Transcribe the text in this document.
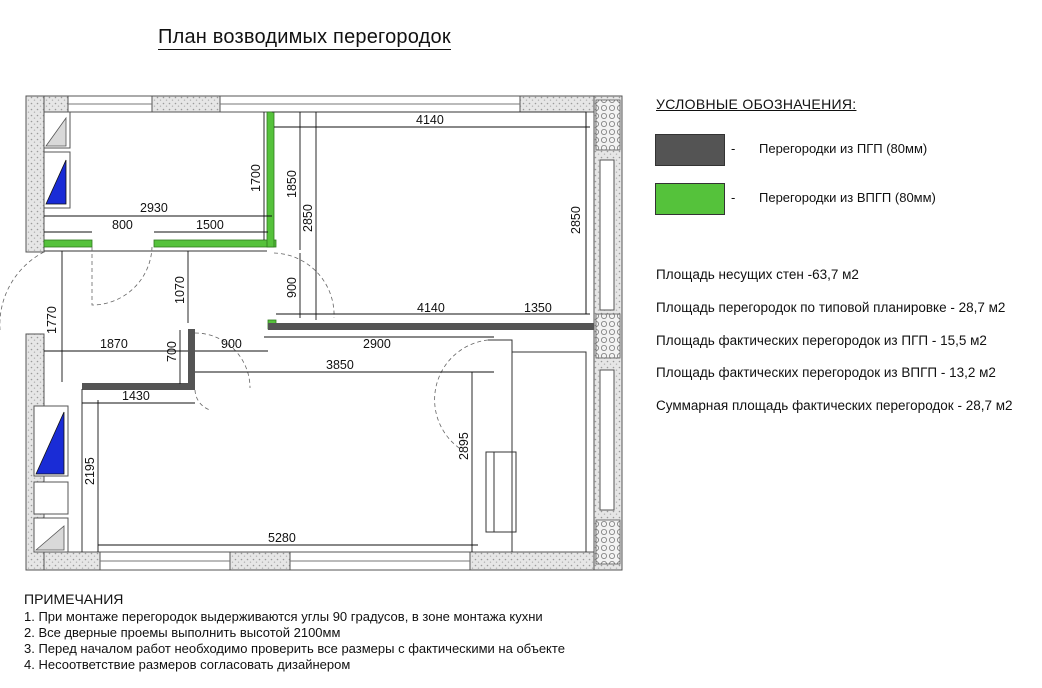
План возводимых перегородок
4140
2930
800	1500
1700 1850
2850	2850
1070	900
4140	1350
1770
1870	700	900	2900
3850
1430
2895
2195
5280
УСЛОВНЫЕ ОБОЗНАЧЕНИЯ:
- Перегородки из ПГП (80мм)
- Перегородки из ВПГП (80мм)
Площадь несущих стен -63,7 м2
Площадь перегородок по типовой планировке - 28,7 м2
Площадь фактических перегородок из ПГП - 15,5 м2
Площадь фактических перегородок из ВПГП - 13,2 м2
Суммарная площадь фактических перегородок - 28,7 м2
ПРИМЕЧАНИЯ
1. При монтаже перегородок выдерживаются углы 90 градусов, в зоне монтажа кухни
2. Все дверные проемы выполнить высотой 2100мм
3. Перед началом работ необходимо проверить все размеры с фактическими на объекте
4. Несоответствие размеров согласовать дизайнером
